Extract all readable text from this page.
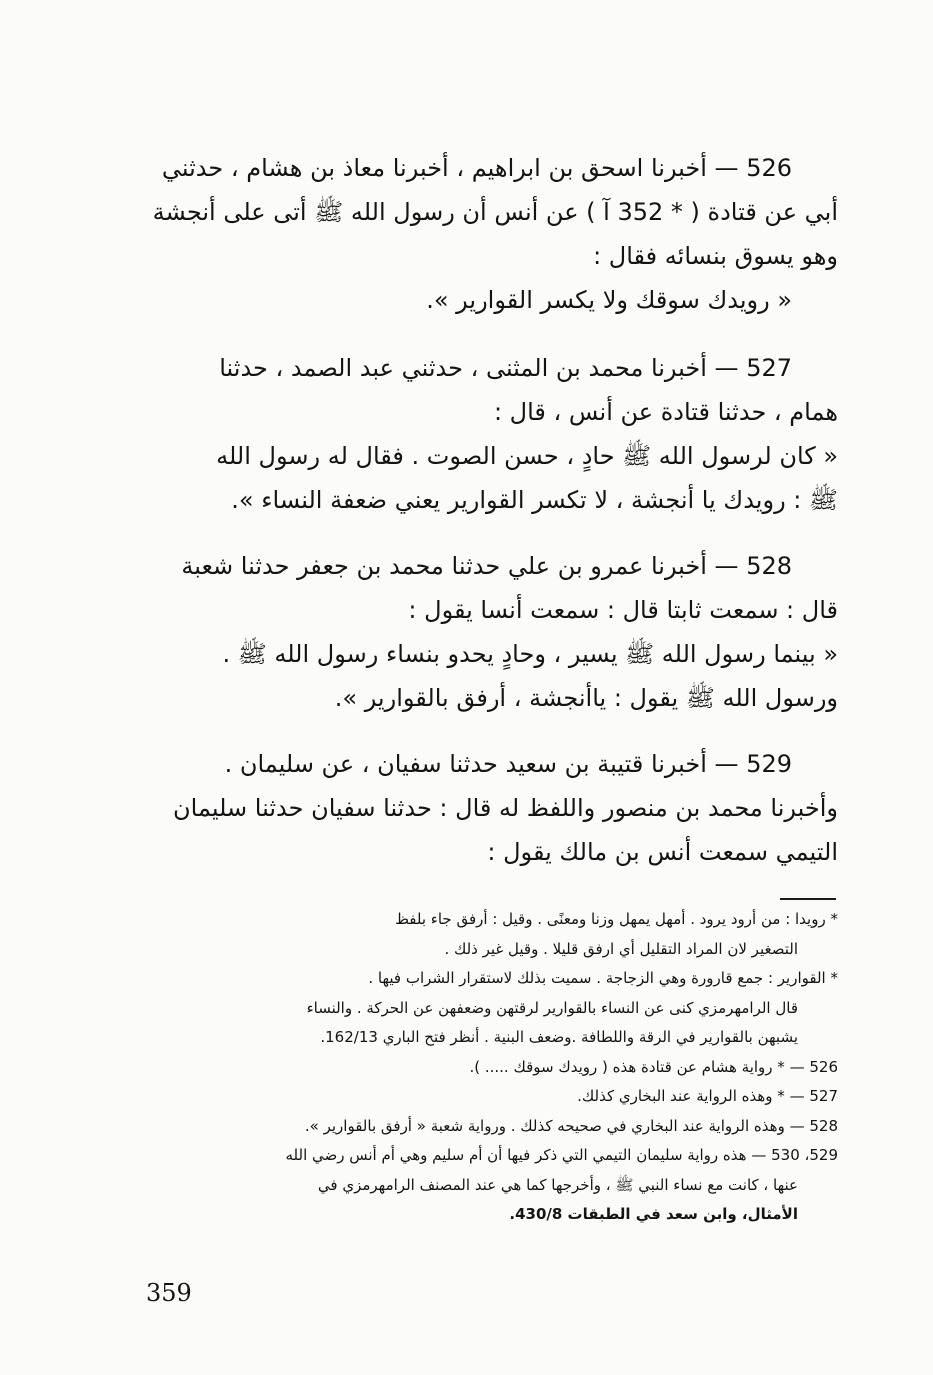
526 — أخبرنا اسحق بن ابراهيم ، أخبرنا معاذ بن هشام ، حدثني
أبي عن قتادة ( * 352 آ ) عن أنس أن رسول الله ﷺ أتى على أنجشة
وهو يسوق بنسائه فقال :
« رويدك سوقك ولا يكسر القوارير ».
527 — أخبرنا محمد بن المثنى ، حدثني عبد الصمد ، حدثنا
همام ، حدثنا قتادة عن أنس ، قال :
« كان لرسول الله ﷺ حادٍ ، حسن الصوت . فقال له رسول الله
ﷺ : رويدك يا أنجشة ، لا تكسر القوارير يعني ضعفة النساء ».
528 — أخبرنا عمرو بن علي حدثنا محمد بن جعفر حدثنا شعبة
قال : سمعت ثابتا قال : سمعت أنسا يقول :
« بينما رسول الله ﷺ يسير ، وحادٍ يحدو بنساء رسول الله ﷺ .
ورسول الله ﷺ يقول : ياأنجشة ، أرفق بالقوارير ».
529 — أخبرنا قتيبة بن سعيد حدثنا سفيان ، عن سليمان .
وأخبرنا محمد بن منصور واللفظ له قال : حدثنا سفيان حدثنا سليمان
التيمي سمعت أنس بن مالك يقول :
* رويدا : من أرود يرود . أمهل يمهل وزنا ومعنًى . وقيل : أرفق جاء بلفظ
التصغير لان المراد التقليل أي ارفق قليلا . وقيل غير ذلك .
* القوارير : جمع قارورة وهي الزجاجة . سميت بذلك لاستقرار الشراب فيها .
قال الرامهرمزي كنى عن النساء بالقوارير لرقتهن وضعفهن عن الحركة . والنساء
يشبهن بالقوارير في الرقة واللطافة .وضعف البنية . أنظر فتح الباري 162/13.
526 — * رواية هشام عن قتادة هذه ( رويدك سوقك ..... ).
527 — * وهذه الرواية عند البخاري كذلك.
528 — وهذه الرواية عند البخاري في صحيحه كذلك . ورواية شعبة « أرفق بالقوارير ».
529، 530 — هذه رواية سليمان التيمي التي ذكر فيها أن أم سليم وهي أم أنس رضي الله
عنها ، كانت مع نساء النبي ﷺ ، وأخرجها كما هي عند المصنف الرامهرمزي في
الأمثال، وابن سعد في الطبقات 430/8.
359
